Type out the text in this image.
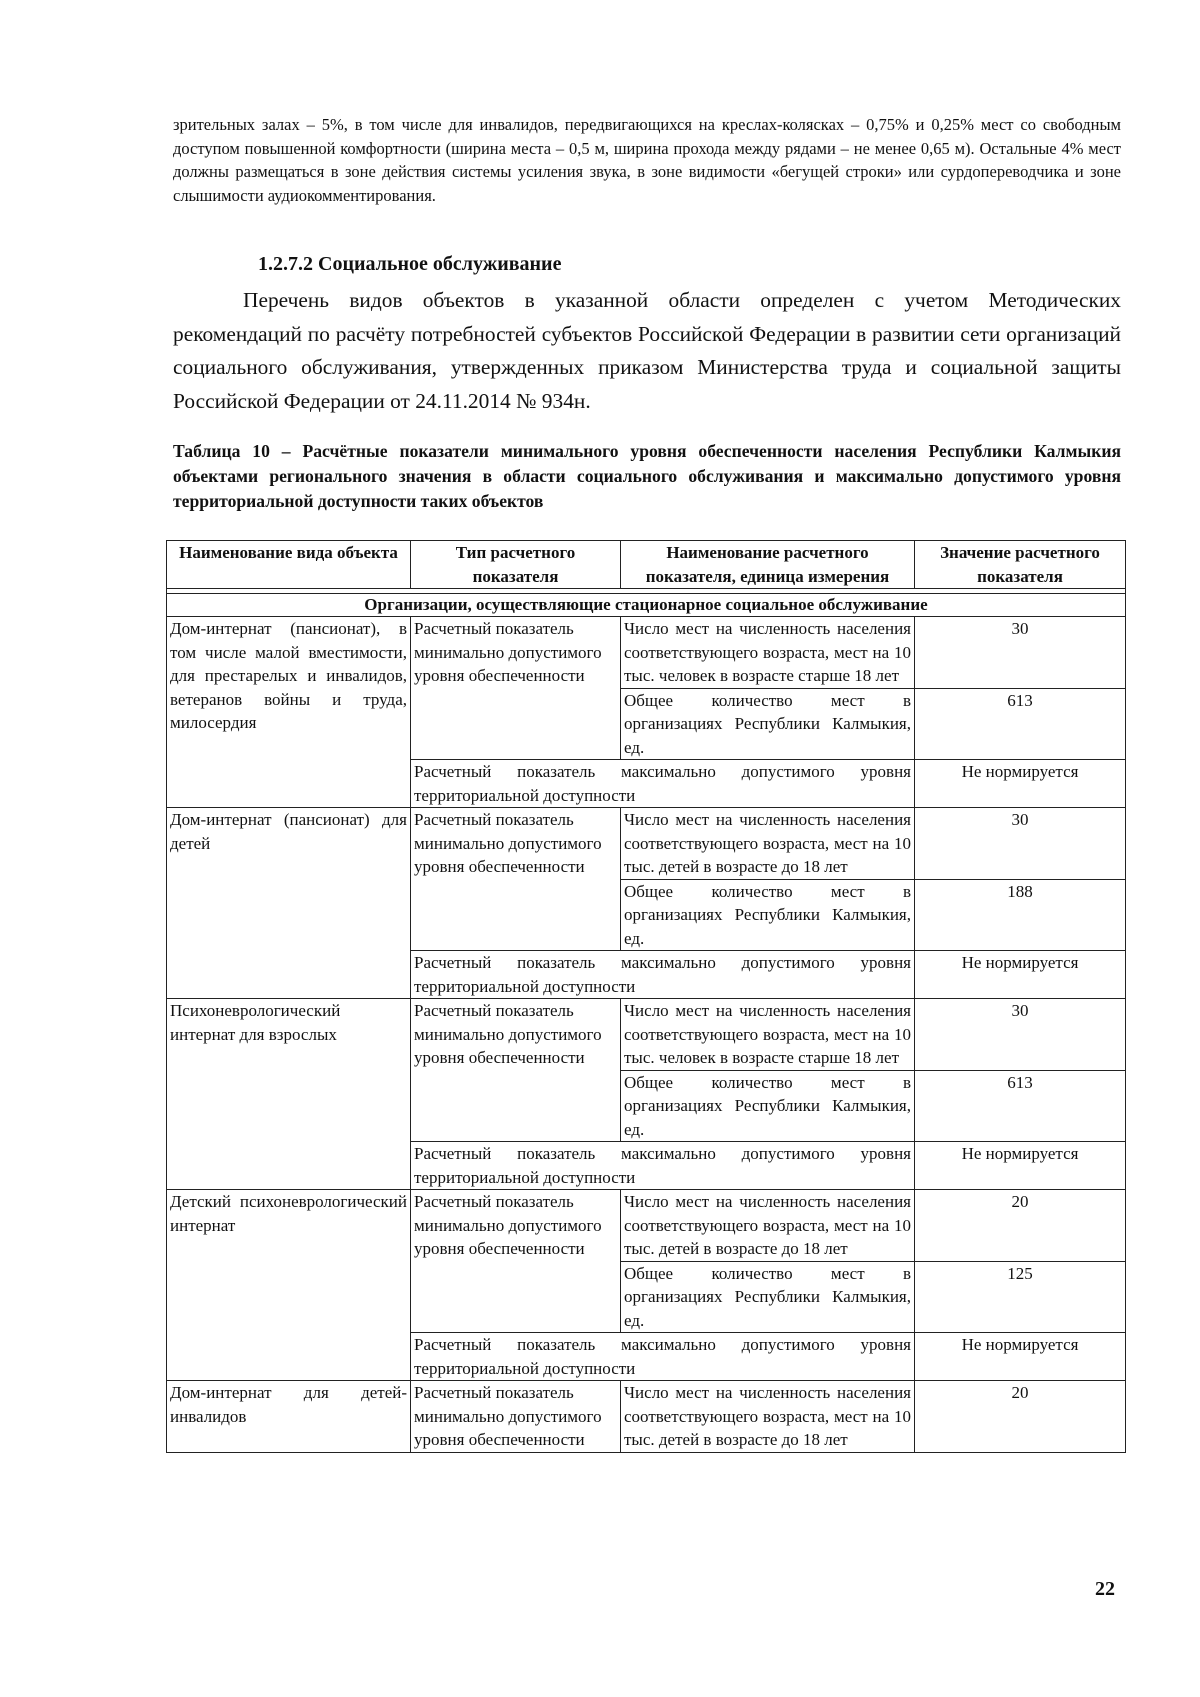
зрительных залах – 5%, в том числе для инвалидов, передвигающихся на креслах-колясках – 0,75% и 0,25% мест со свободным доступом повышенной комфортности (ширина места – 0,5 м, ширина прохода между рядами – не менее 0,65 м). Остальные 4% мест должны размещаться в зоне действия системы усиления звука, в зоне видимости «бегущей строки» или сурдопереводчика и зоне слышимости аудиокомментирования.
1.2.7.2 Социальное обслуживание
Перечень видов объектов в указанной области определен с учетом Методических рекомендаций по расчёту потребностей субъектов Российской Федерации в развитии сети организаций социального обслуживания, утвержденных приказом Министерства труда и социальной защиты Российской Федерации от 24.11.2014 № 934н.
Таблица 10 – Расчётные показатели минимального уровня обеспеченности населения Республики Калмыкия объектами регионального значения в области социального обслуживания и максимально допустимого уровня территориальной доступности таких объектов
Наименование вида объекта	Тип расчетного показателя	Наименование расчетного показателя, единица измерения	Значение расчетного показателя

Организации, осуществляющие стационарное социальное обслуживание			
Дом-интернат (пансионат), в том числе малой вместимости, для престарелых и инвалидов, ветеранов войны и труда, милосердия	Расчетный показатель минимально допустимого уровня обеспеченности	Число мест на численность населения соответствующего возраста, мест на 10 тыс. человек в возрасте старше 18 лет	30
		Общее количество мест в организациях Республики Калмыкия, ед.	613
	Расчетный показатель максимально допустимого уровня территориальной доступности		Не нормируется
Дом-интернат (пансионат) для детей	Расчетный показатель минимально допустимого уровня обеспеченности	Число мест на численность населения соответствующего возраста, мест на 10 тыс. детей в возрасте до 18 лет	30
		Общее количество мест в организациях Республики Калмыкия, ед.	188
	Расчетный показатель максимально допустимого уровня территориальной доступности		Не нормируется
Психоневрологический интернат для взрослых	Расчетный показатель минимально допустимого уровня обеспеченности	Число мест на численность населения соответствующего возраста, мест на 10 тыс. человек в возрасте старше 18 лет	30
		Общее количество мест в организациях Республики Калмыкия, ед.	613
	Расчетный показатель максимально допустимого уровня территориальной доступности		Не нормируется
Детский психоневрологический интернат	Расчетный показатель минимально допустимого уровня обеспеченности	Число мест на численность населения соответствующего возраста, мест на 10 тыс. детей в возрасте до 18 лет	20
		Общее количество мест в организациях Республики Калмыкия, ед.	125
	Расчетный показатель максимально допустимого уровня территориальной доступности		Не нормируется
Дом-интернат для детей-инвалидов	Расчетный показатель минимально допустимого уровня обеспеченности	Число мест на численность населения соответствующего возраста, мест на 10 тыс. детей в возрасте до 18 лет	20
22
